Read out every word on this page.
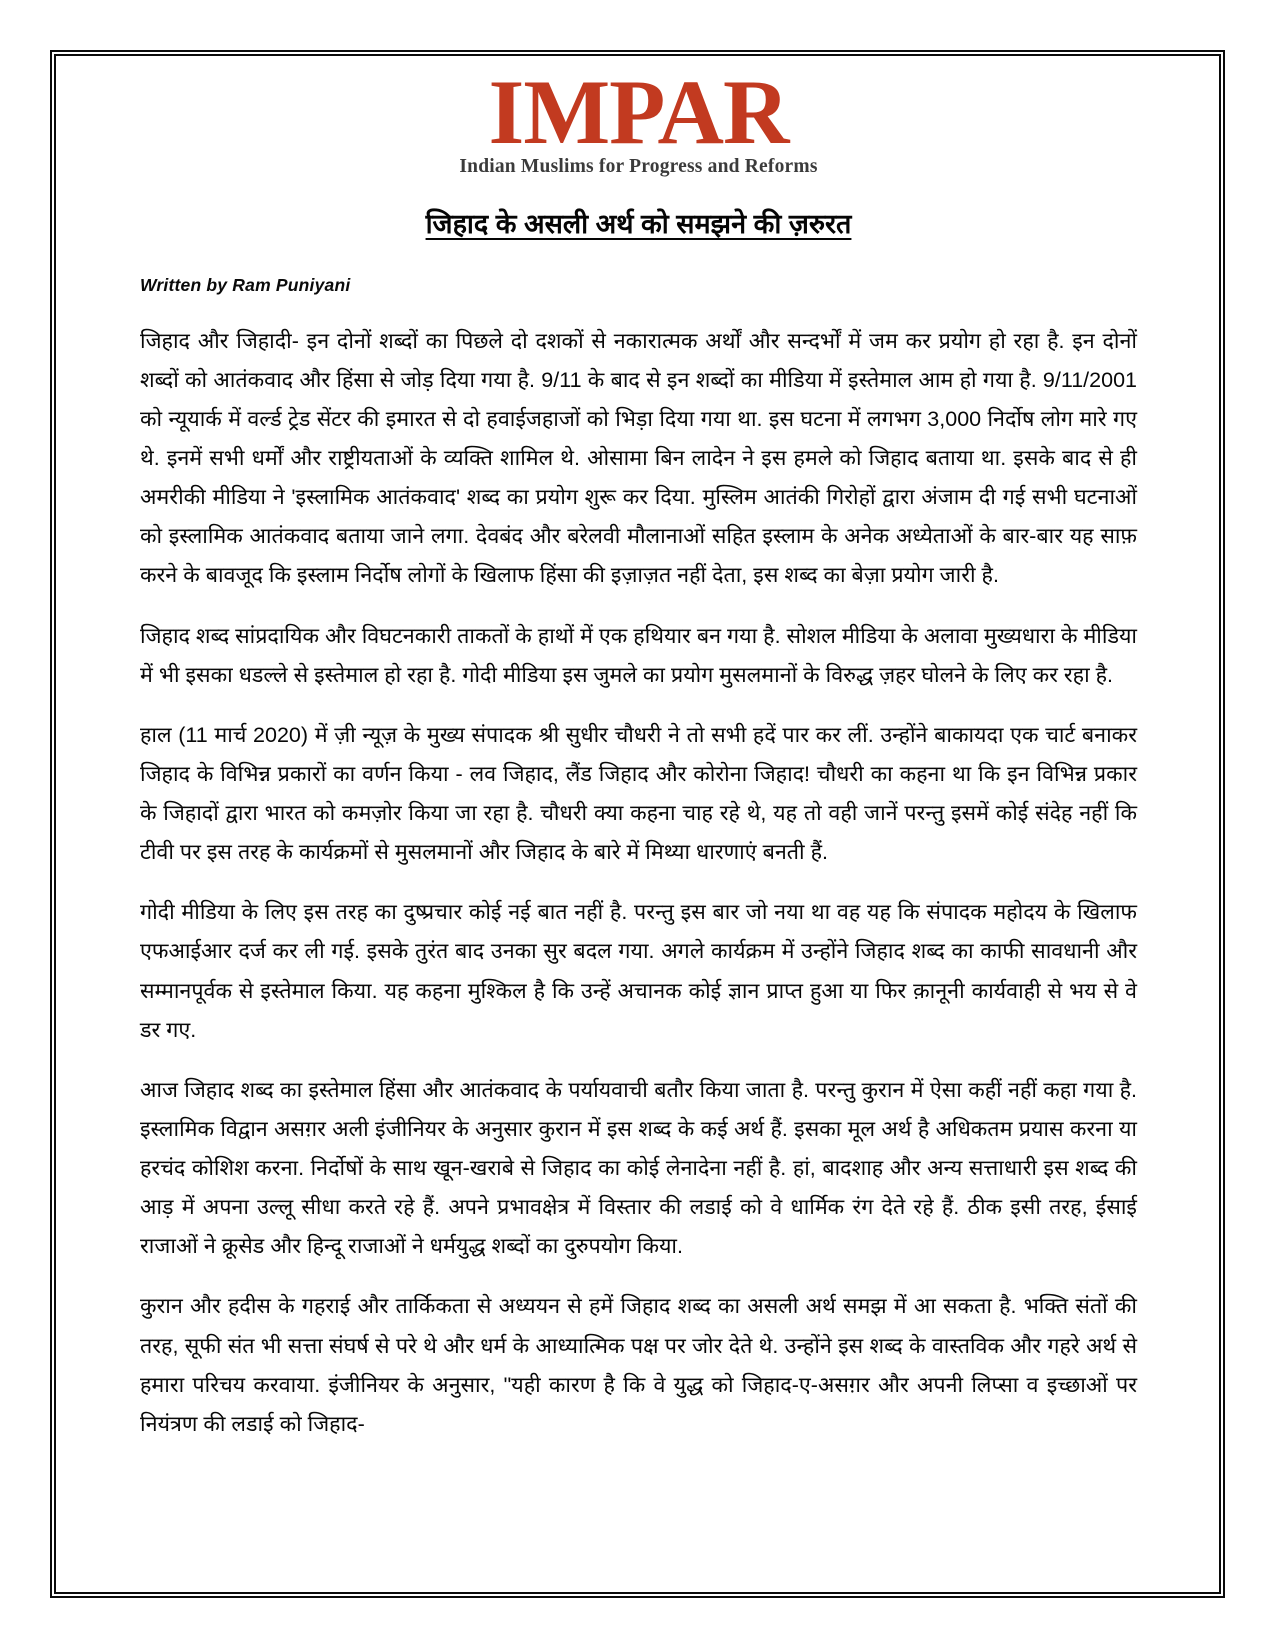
IMPAR
Indian Muslims for Progress and Reforms
जिहाद के असली अर्थ को समझने की ज़रुरत
Written by Ram Puniyani

जिहाद और जिहादी- इन दोनों शब्दों का पिछले दो दशकों से नकारात्मक अर्थों और सन्दर्भों में जम कर प्रयोग हो रहा है. इन दोनों शब्दों को आतंकवाद और हिंसा से जोड़ दिया गया है. 9/11 के बाद से इन शब्दों का मीडिया में इस्तेमाल आम हो गया है. 9/11/2001 को न्यूयार्क में वर्ल्ड ट्रेड सेंटर की इमारत से दो हवाईजहाजों को भिड़ा दिया गया था. इस घटना में लगभग 3,000 निर्दोष लोग मारे गए थे. इनमें सभी धर्मों और राष्ट्रीयताओं के व्यक्ति शामिल थे. ओसामा बिन लादेन ने इस हमले को जिहाद बताया था. इसके बाद से ही अमरीकी मीडिया ने 'इस्लामिक आतंकवाद' शब्द का प्रयोग शुरू कर दिया. मुस्लिम आतंकी गिरोहों द्वारा अंजाम दी गई सभी घटनाओं को इस्लामिक आतंकवाद बताया जाने लगा. देवबंद और बरेलवी मौलानाओं सहित इस्लाम के अनेक अध्येताओं के बार-बार यह साफ़ करने के बावजूद कि इस्लाम निर्दोष लोगों के खिलाफ हिंसा की इज़ाज़त नहीं देता, इस शब्द का बेज़ा प्रयोग जारी है.

जिहाद शब्द सांप्रदायिक और विघटनकारी ताकतों के हाथों में एक हथियार बन गया है. सोशल मीडिया के अलावा मुख्यधारा के मीडिया में भी इसका धडल्ले से इस्तेमाल हो रहा है. गोदी मीडिया इस जुमले का प्रयोग मुसलमानों के विरुद्ध ज़हर घोलने के लिए कर रहा है.

हाल (11 मार्च 2020) में ज़ी न्यूज़ के मुख्य संपादक श्री सुधीर चौधरी ने तो सभी हदें पार कर लीं. उन्होंने बाकायदा एक चार्ट बनाकर जिहाद के विभिन्न प्रकारों का वर्णन किया - लव जिहाद, लैंड जिहाद और कोरोना जिहाद! चौधरी का कहना था कि इन विभिन्न प्रकार के जिहादों द्वारा भारत को कमज़ोर किया जा रहा है. चौधरी क्या कहना चाह रहे थे, यह तो वही जानें परन्तु इसमें कोई संदेह नहीं कि टीवी पर इस तरह के कार्यक्रमों से मुसलमानों और जिहाद के बारे में मिथ्या धारणाएं बनती हैं.

गोदी मीडिया के लिए इस तरह का दुष्प्रचार कोई नई बात नहीं है. परन्तु इस बार जो नया था वह यह कि संपादक महोदय के खिलाफ एफआईआर दर्ज कर ली गई. इसके तुरंत बाद उनका सुर बदल गया. अगले कार्यक्रम में उन्होंने जिहाद शब्द का काफी सावधानी और सम्मानपूर्वक से इस्तेमाल किया. यह कहना मुश्किल है कि उन्हें अचानक कोई ज्ञान प्राप्त हुआ या फिर क़ानूनी कार्यवाही से भय से वे डर गए.

आज जिहाद शब्द का इस्तेमाल हिंसा और आतंकवाद के पर्यायवाची बतौर किया जाता है. परन्तु कुरान में ऐसा कहीं नहीं कहा गया है. इस्लामिक विद्वान असग़र अली इंजीनियर के अनुसार कुरान में इस शब्द के कई अर्थ हैं. इसका मूल अर्थ है अधिकतम प्रयास करना या हरचंद कोशिश करना. निर्दोषों के साथ खून-खराबे से जिहाद का कोई लेनादेना नहीं है. हां, बादशाह और अन्य सत्ताधारी इस शब्द की आड़ में अपना उल्लू सीधा करते रहे हैं. अपने प्रभावक्षेत्र में विस्तार की लडाई को वे धार्मिक रंग देते रहे हैं. ठीक इसी तरह, ईसाई राजाओं ने क्रूसेड और हिन्दू राजाओं ने धर्मयुद्ध शब्दों का दुरुपयोग किया.

कुरान और हदीस के गहराई और तार्किकता से अध्ययन से हमें जिहाद शब्द का असली अर्थ समझ में आ सकता है. भक्ति संतों की तरह, सूफी संत भी सत्ता संघर्ष से परे थे और धर्म के आध्यात्मिक पक्ष पर जोर देते थे. उन्होंने इस शब्द के वास्तविक और गहरे अर्थ से हमारा परिचय करवाया. इंजीनियर के अनुसार, "यही कारण है कि वे युद्ध को जिहाद-ए-असग़र और अपनी लिप्सा व इच्छाओं पर नियंत्रण की लडाई को जिहाद-
